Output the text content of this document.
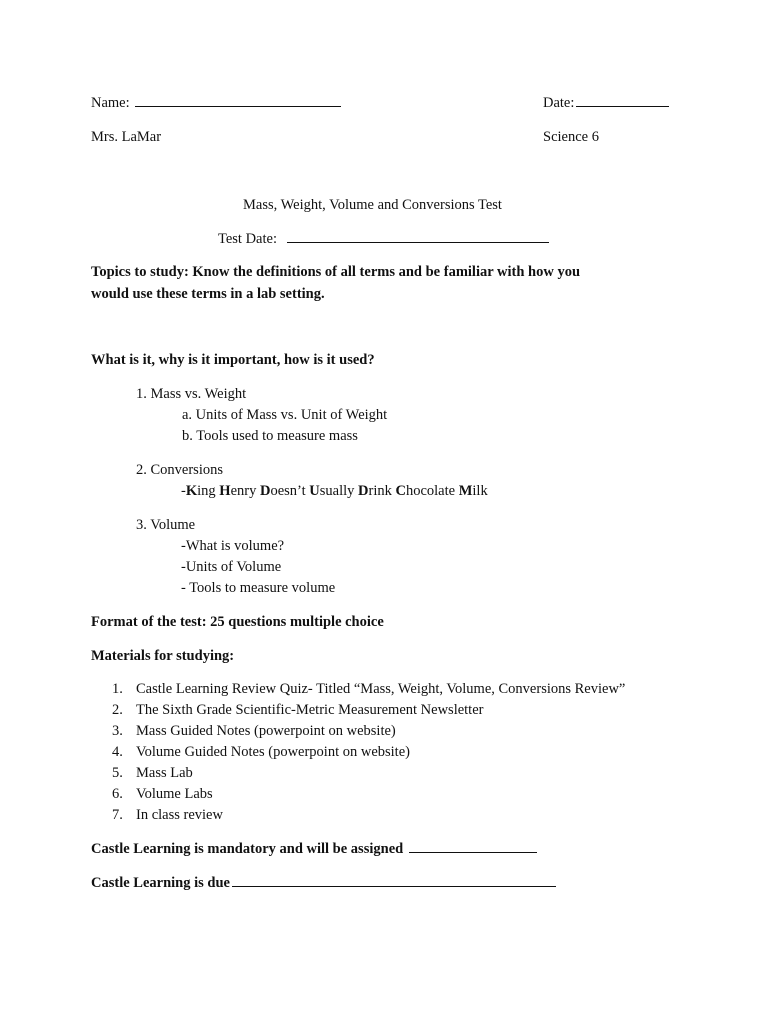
Name:	Date:
Mrs. LaMar	Science 6
Mass, Weight, Volume and Conversions Test
Test Date:
Topics to study: Know the definitions of all terms and be familiar with how you
would use these terms in a lab setting.
What is it, why is it important, how is it used?
1. Mass vs. Weight
a. Units of Mass vs. Unit of Weight
b. Tools used to measure mass
2. Conversions
-King Henry Doesn’t Usually Drink Chocolate Milk
3. Volume
-What is volume?
-Units of Volume
- Tools to measure volume
Format of the test: 25 questions multiple choice
Materials for studying:
1. Castle Learning Review Quiz- Titled “Mass, Weight, Volume, Conversions Review”
2. The Sixth Grade Scientific-Metric Measurement Newsletter
3. Mass Guided Notes (powerpoint on website)
4. Volume Guided Notes (powerpoint on website)
5. Mass Lab
6. Volume Labs
7. In class review
Castle Learning is mandatory and will be assigned
Castle Learning is due
